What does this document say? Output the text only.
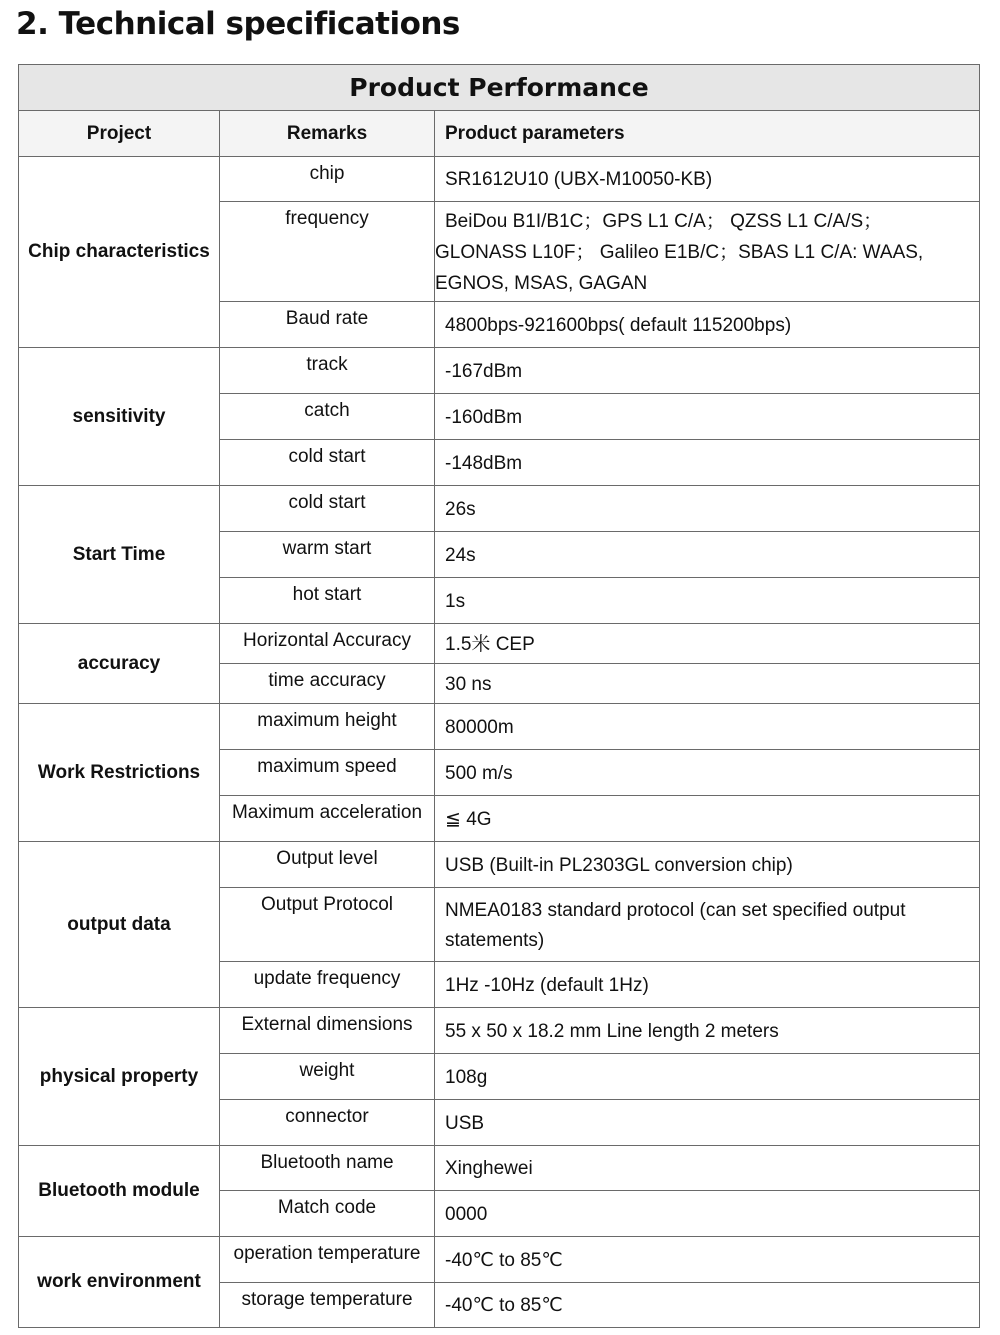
2. Technical specifications
Product Performance		
Project	Remarks	Product parameters
Chip characteristics	chip	SR1612U10 (UBX-M10050-KB)
	frequency	BeiDou B1I/B1C；GPS L1 C/A； QZSS L1 C/A/S； GLONASS L10F； Galileo E1B/C；SBAS L1 C/A: WAAS, EGNOS, MSAS, GAGAN
	Baud rate	4800bps-921600bps( default 115200bps)
sensitivity	track	-167dBm
	catch	-160dBm
	cold start	-148dBm
Start Time	cold start	26s
	warm start	24s
	hot start	1s
accuracy	Horizontal Accuracy	1.5米 CEP
	time accuracy	30 ns
Work Restrictions	maximum height	80000m
	maximum speed	500 m/s
	Maximum acceleration	≦ 4G
output data	Output level	USB (Built-in PL2303GL conversion chip)
	Output Protocol	NMEA0183 standard protocol (can set specified output statements)
	update frequency	1Hz -10Hz (default 1Hz)
physical property	External dimensions	55 x 50 x 18.2 mm Line length 2 meters
	weight	108g
	connector	USB
Bluetooth module	Bluetooth name	Xinghewei
	Match code	0000
work environment	operation temperature	-40℃ to 85℃
	storage temperature	-40℃ to 85℃
